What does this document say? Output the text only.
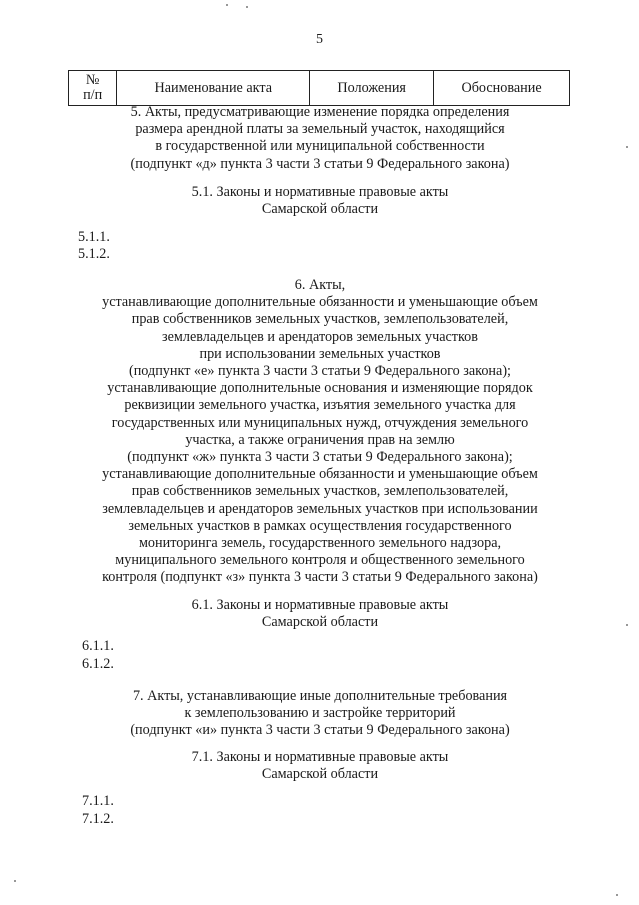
5
№
п/п	Наименование акта	Положения	Обоснование
5. Акты, предусматривающие изменение порядка определения
размера арендной платы за земельный участок, находящийся
в государственной или муниципальной собственности
(подпункт «д» пункта 3 части 3 статьи 9 Федерального закона)
5.1. Законы и нормативные правовые акты
Самарской области
5.1.1.
5.1.2.
6. Акты,
устанавливающие дополнительные обязанности и уменьшающие объем
прав собственников земельных участков, землепользователей,
землевладельцев и арендаторов земельных участков
при использовании земельных участков
(подпункт «е» пункта 3 части 3 статьи 9 Федерального закона);
устанавливающие дополнительные основания и изменяющие порядок
реквизиции земельного участка, изъятия земельного участка для
государственных или муниципальных нужд, отчуждения земельного
участка, а также ограничения прав на землю
(подпункт «ж» пункта 3 части 3 статьи 9 Федерального закона);
устанавливающие дополнительные обязанности и уменьшающие объем
прав собственников земельных участков, землепользователей,
землевладельцев и арендаторов земельных участков при использовании
земельных участков в рамках осуществления государственного
мониторинга земель, государственного земельного надзора,
муниципального земельного контроля и общественного земельного
контроля (подпункт «з» пункта 3 части 3 статьи 9 Федерального закона)
6.1. Законы и нормативные правовые акты
Самарской области
6.1.1.
6.1.2.
7. Акты, устанавливающие иные дополнительные требования
к землепользованию и застройке территорий
(подпункт «и» пункта 3 части 3 статьи 9 Федерального закона)
7.1. Законы и нормативные правовые акты
Самарской области
7.1.1.
7.1.2.
